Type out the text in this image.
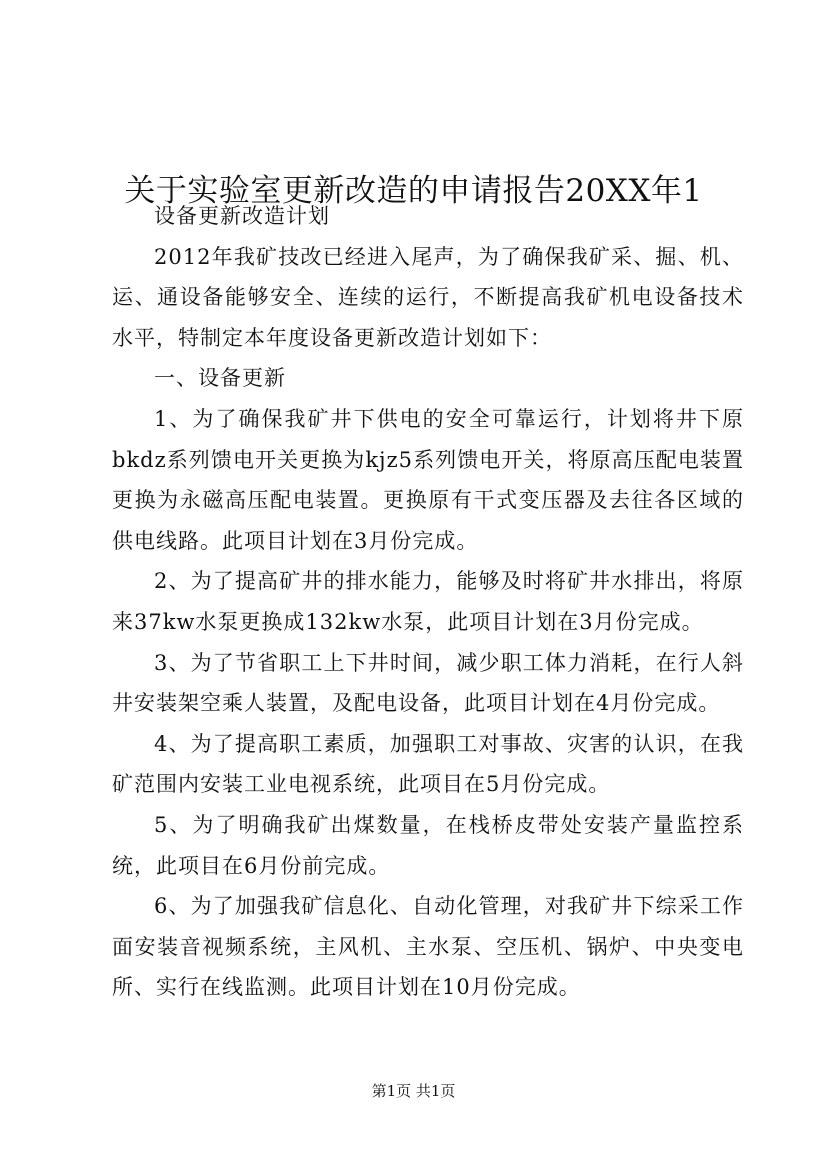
关于实验室更新改造的申请报告20XX年1

设备更新改造计划

2012年我矿技改已经进入尾声，为了确保我矿采、掘、机、运、通设备能够安全、连续的运行，不断提高我矿机电设备技术水平，特制定本年度设备更新改造计划如下：

一、设备更新

1、为了确保我矿井下供电的安全可靠运行，计划将井下原bkdz系列馈电开关更换为kjz5系列馈电开关，将原高压配电装置更换为永磁高压配电装置。更换原有干式变压器及去往各区域的供电线路。此项目计划在3月份完成。

2、为了提高矿井的排水能力，能够及时将矿井水排出，将原来37kw水泵更换成132kw水泵，此项目计划在3月份完成。

3、为了节省职工上下井时间，减少职工体力消耗，在行人斜井安装架空乘人装置，及配电设备，此项目计划在4月份完成。

4、为了提高职工素质，加强职工对事故、灾害的认识，在我矿范围内安装工业电视系统，此项目在5月份完成。

5、为了明确我矿出煤数量，在栈桥皮带处安装产量监控系统，此项目在6月份前完成。

6、为了加强我矿信息化、自动化管理，对我矿井下综采工作面安装音视频系统，主风机、主水泵、空压机、锅炉、中央变电所、实行在线监测。此项目计划在10月份完成。

第1页 共1页
